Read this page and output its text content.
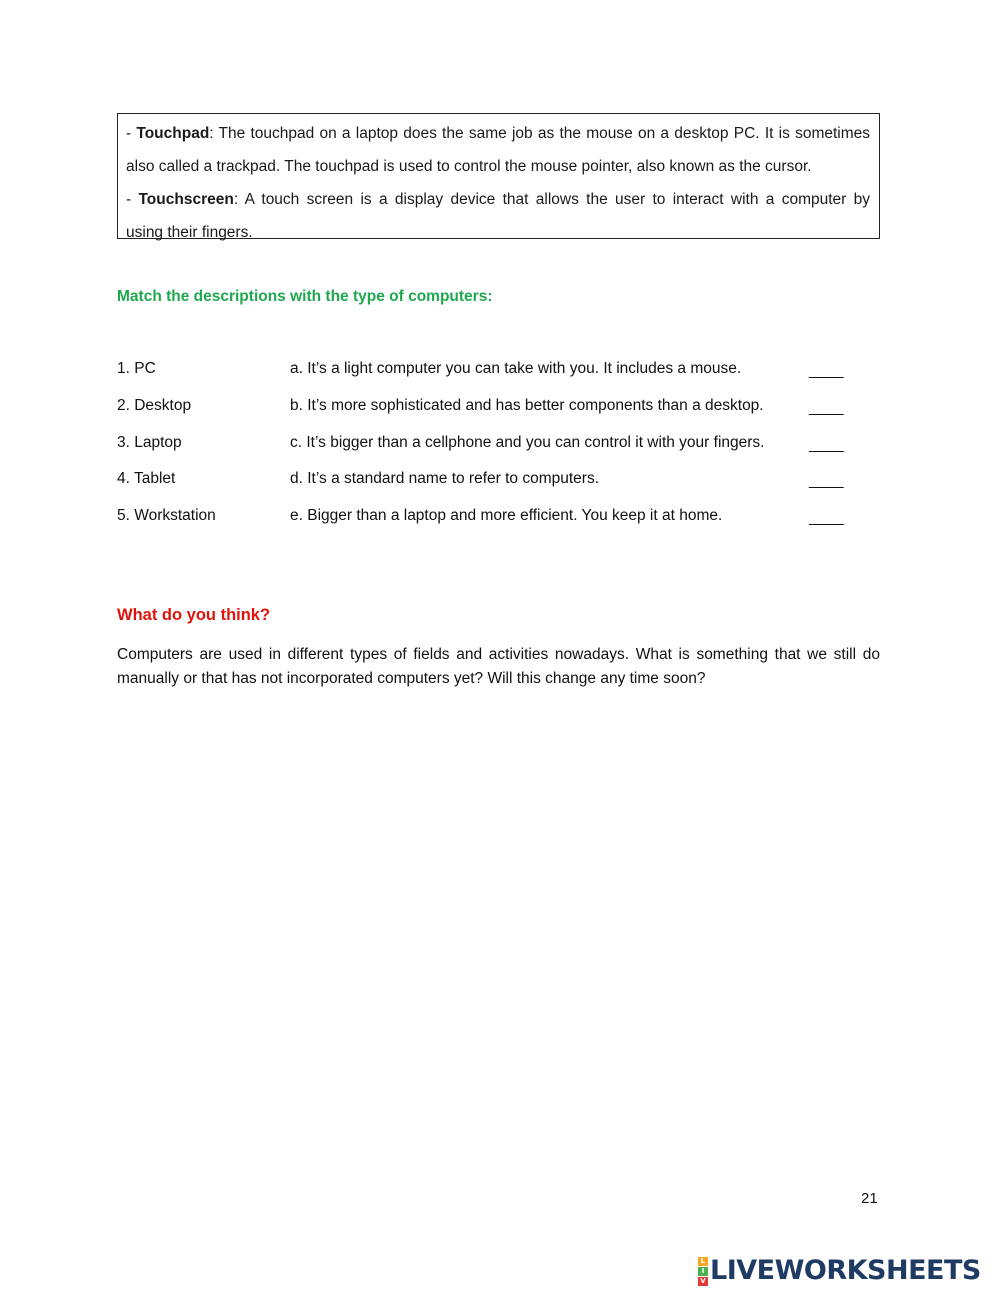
- Touchpad: The touchpad on a laptop does the same job as the mouse on a desktop PC. It is sometimes
also called a trackpad. The touchpad is used to control the mouse pointer, also known as the cursor.
- Touchscreen: A touch screen is a display device that allows the user to interact with a computer by
using their fingers.
Match the descriptions with the type of computers:
1. PC	a. It’s a light computer you can take with you. It includes a mouse.	____
2. Desktop	b. It’s more sophisticated and has better components than a desktop.	____
3. Laptop	c. It’s bigger than a cellphone and you can control it with your fingers.	____
4. Tablet	d. It’s a standard name to refer to computers.	____
5. Workstation	e. Bigger than a laptop and more efficient. You keep it at home.	____
What do you think?
Computers are used in different types of fields and activities nowadays. What is something that we still do manually or that has not incorporated computers yet? Will this change any time soon?
21
L
I
V LIVEWORKSHEETS
